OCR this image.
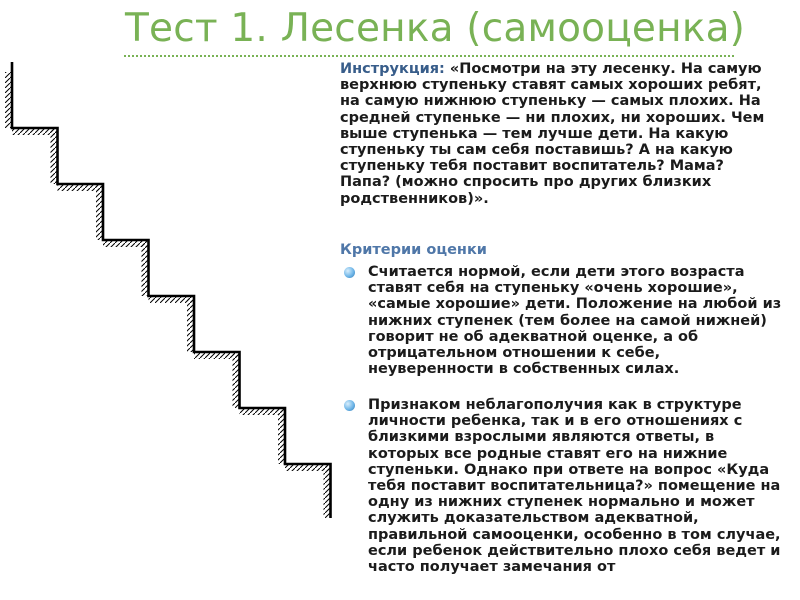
Тест 1. Лесенка (самооценка)
Инструкция: «Посмотри на эту лесенку. На самую верхнюю ступеньку ставят самых хороших ребят, на самую нижнюю ступеньку — самых плохих. На средней ступеньке — ни плохих, ни хороших. Чем выше ступенька — тем лучше дети. На какую ступеньку ты сам себя поставишь? А на какую ступеньку тебя поставит воспитатель? Мама? Папа? (можно спросить про других близких родственников)».
Критерии оценки
Считается нормой, если дети этого возраста ставят себя на ступеньку «очень хорошие», «самые хорошие» дети. Положение на любой из нижних ступенек (тем более на самой нижней) говорит не об адекватной оценке, а об отрицательном отношении к себе, неуверенности в собственных силах.
Признаком неблагополучия как в структуре личности ребенка, так и в его отношениях с близкими взрослыми являются ответы, в которых все родные ставят его на нижние ступеньки. Однако при ответе на вопрос «Куда тебя поставит воспитательница?» помещение на одну из нижних ступенек нормально и может служить доказательством адекватной, правильной самооценки, особенно в том случае, если ребенок действительно плохо себя ведет и часто получает замечания от
